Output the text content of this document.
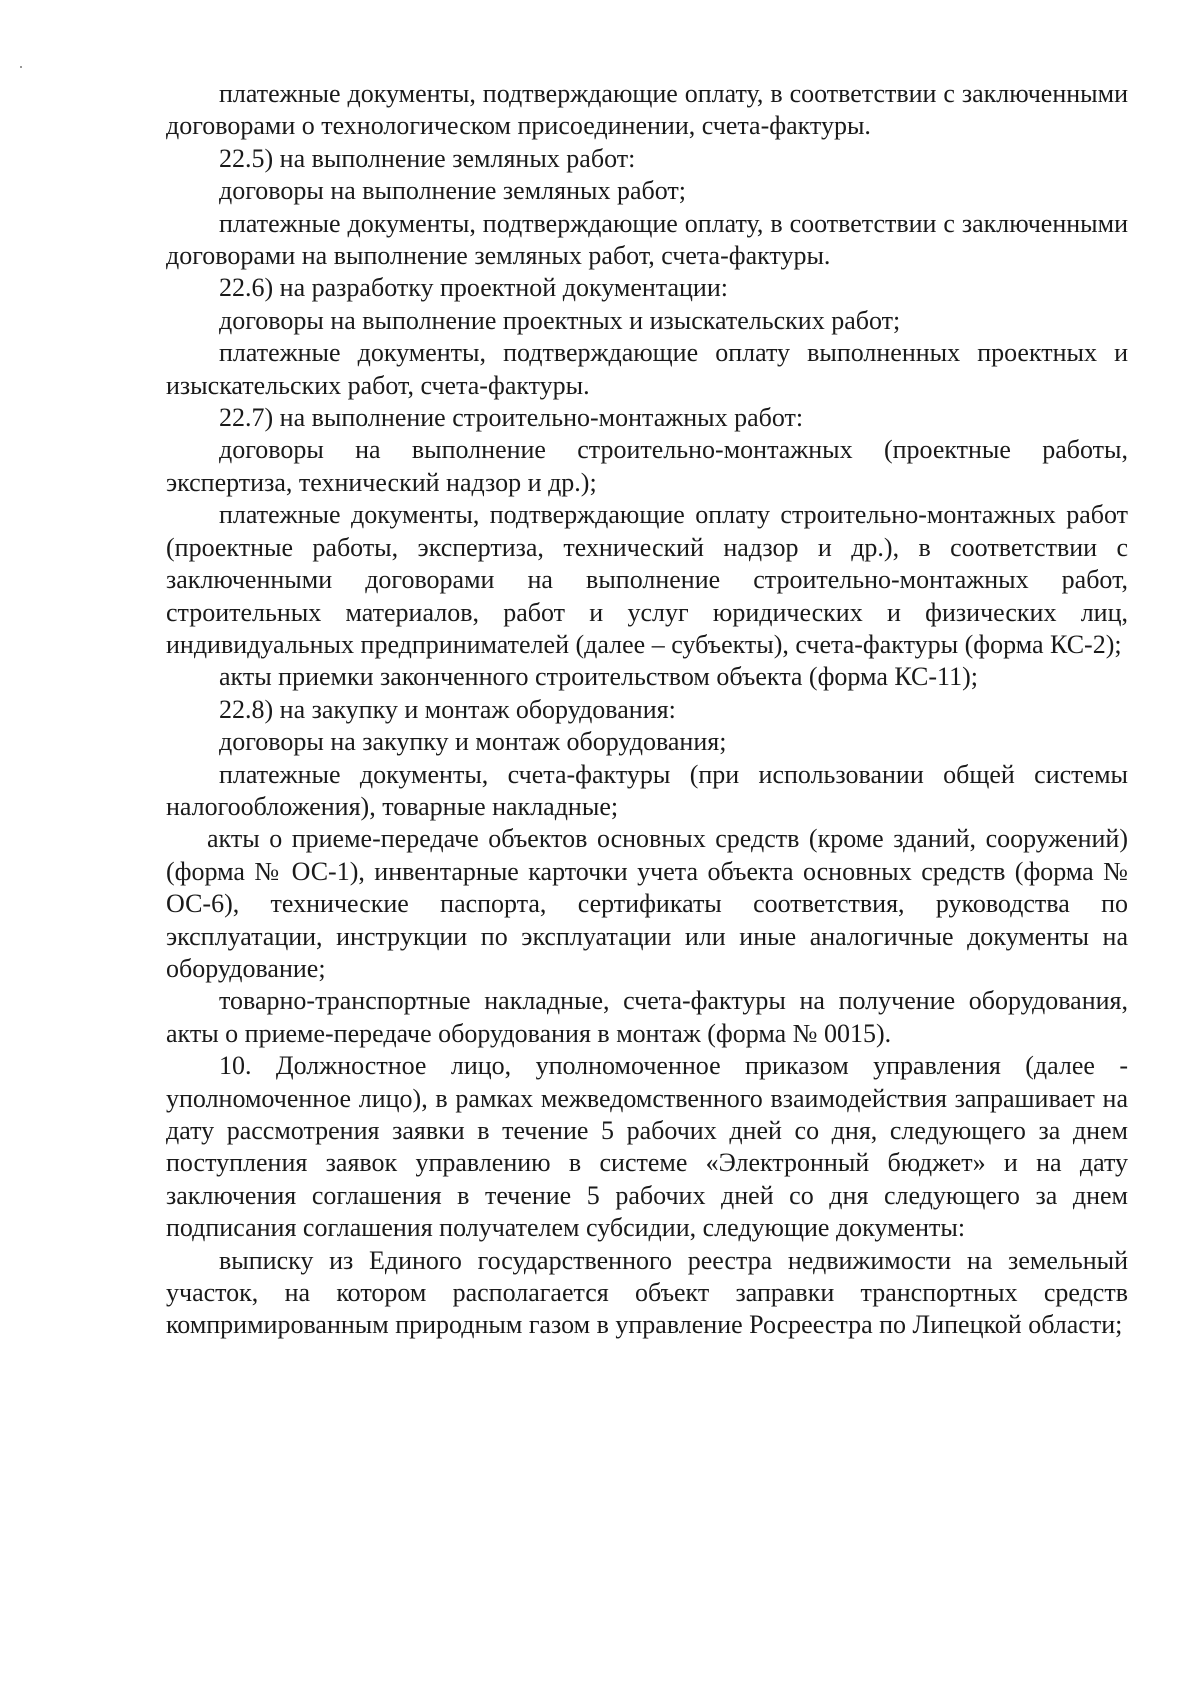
платежные документы, подтверждающие оплату, в соответствии с заключенными договорами о технологическом присоединении, счета-фактуры.

22.5) на выполнение земляных работ:

договоры на выполнение земляных работ;

платежные документы, подтверждающие оплату, в соответствии с заключенными договорами на выполнение земляных работ, счета-фактуры.

22.6) на разработку проектной документации:

договоры на выполнение проектных и изыскательских работ;

платежные документы, подтверждающие оплату выполненных проектных и изыскательских работ, счета-фактуры.

22.7) на выполнение строительно-монтажных работ:

договоры на выполнение строительно-монтажных (проектные работы, экспертиза, технический надзор и др.);

платежные документы, подтверждающие оплату строительно-монтажных работ (проектные работы, экспертиза, технический надзор и др.), в соответствии с заключенными договорами на выполнение строительно-монтажных работ, строительных материалов, работ и услуг юридических и физических лиц, индивидуальных предпринимателей (далее – субъекты), счета-фактуры (форма КС-2);

акты приемки законченного строительством объекта (форма КС-11);

22.8) на закупку и монтаж оборудования:

договоры на закупку и монтаж оборудования;

платежные документы, счета-фактуры (при использовании общей системы налогообложения), товарные накладные;

акты о приеме-передаче объектов основных средств (кроме зданий, сооружений) (форма № ОС-1), инвентарные карточки учета объекта основных средств (форма № ОС-6), технические паспорта, сертификаты соответствия, руководства по эксплуатации, инструкции по эксплуатации или иные аналогичные документы на оборудование;

товарно-транспортные накладные, счета-фактуры на получение оборудования, акты о приеме-передаче оборудования в монтаж (форма № 0015).

10. Должностное лицо, уполномоченное приказом управления (далее - уполномоченное лицо), в рамках межведомственного взаимодействия запрашивает на дату рассмотрения заявки в течение 5 рабочих дней со дня, следующего за днем поступления заявок управлению в системе «Электронный бюджет» и на дату заключения соглашения в течение 5 рабочих дней со дня следующего за днем подписания соглашения получателем субсидии, следующие документы:

выписку из Единого государственного реестра недвижимости на земельный участок, на котором располагается объект заправки транспортных средств компримированным природным газом в управление Росреестра по Липецкой области;
